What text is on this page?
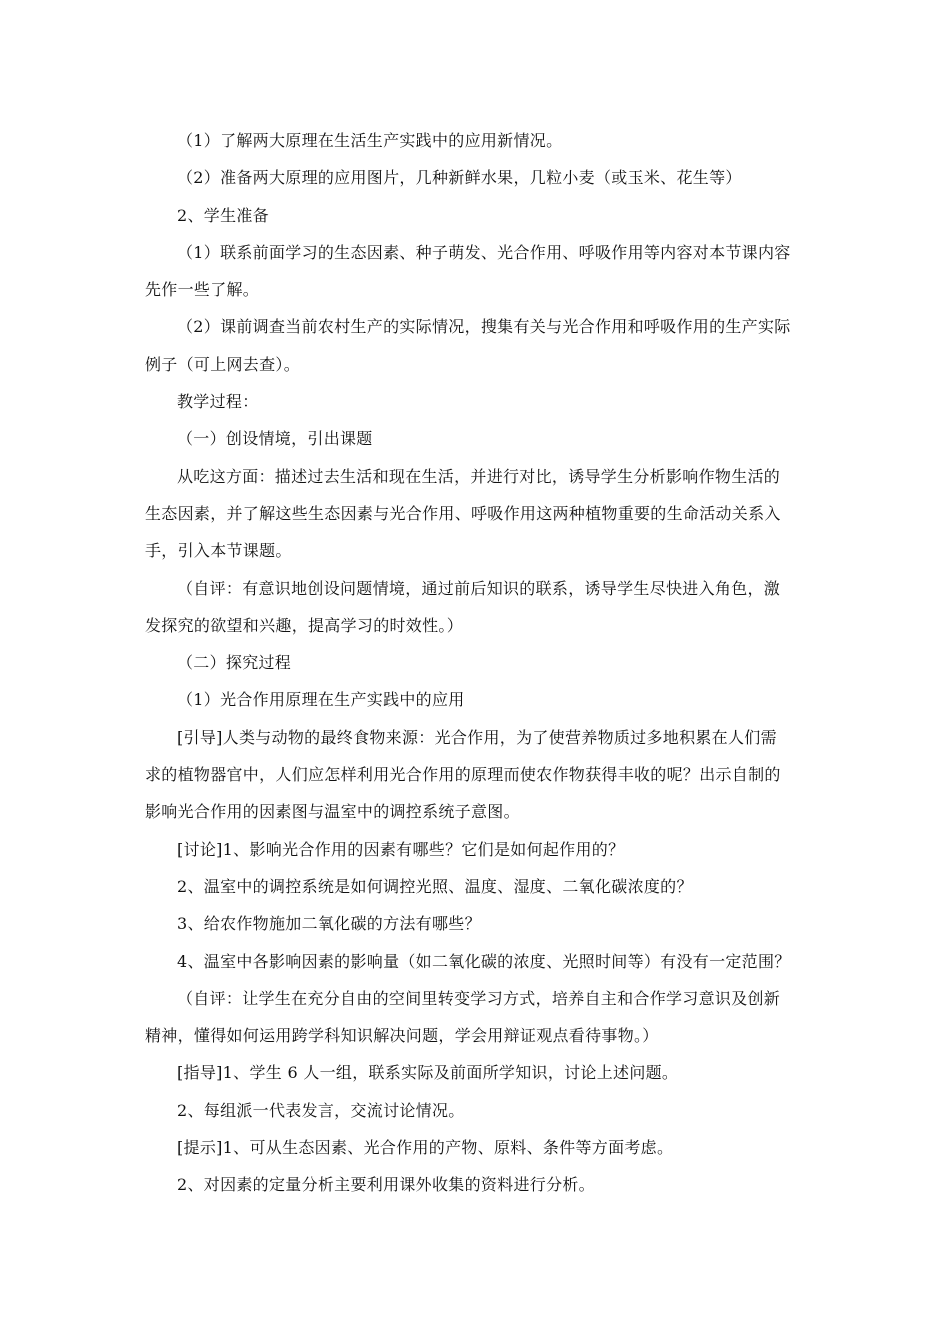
（1）了解两大原理在生活生产实践中的应用新情况。
（2）准备两大原理的应用图片，几种新鲜水果，几粒小麦（或玉米、花生等）
2、学生准备
（1）联系前面学习的生态因素、种子萌发、光合作用、呼吸作用等内容对本节课内容
先作一些了解。
（2）课前调查当前农村生产的实际情况，搜集有关与光合作用和呼吸作用的生产实际
例子（可上网去查）。
教学过程：
（一）创设情境，引出课题
从吃这方面：描述过去生活和现在生活，并进行对比，诱导学生分析影响作物生活的
生态因素，并了解这些生态因素与光合作用、呼吸作用这两种植物重要的生命活动关系入
手，引入本节课题。
（自评：有意识地创设问题情境，通过前后知识的联系，诱导学生尽快进入角色，激
发探究的欲望和兴趣，提高学习的时效性。）
（二）探究过程
（1）光合作用原理在生产实践中的应用
[引导]人类与动物的最终食物来源：光合作用，为了使营养物质过多地积累在人们需
求的植物器官中，人们应怎样利用光合作用的原理而使农作物获得丰收的呢？出示自制的
影响光合作用的因素图与温室中的调控系统子意图。
[讨论]1、影响光合作用的因素有哪些？它们是如何起作用的？
2、温室中的调控系统是如何调控光照、温度、湿度、二氧化碳浓度的？
3、给农作物施加二氧化碳的方法有哪些？
4、温室中各影响因素的影响量（如二氧化碳的浓度、光照时间等）有没有一定范围？
（自评：让学生在充分自由的空间里转变学习方式，培养自主和合作学习意识及创新
精神，懂得如何运用跨学科知识解决问题，学会用辩证观点看待事物。）
[指导]1、学生 6 人一组，联系实际及前面所学知识，讨论上述问题。
2、每组派一代表发言，交流讨论情况。
[提示]1、可从生态因素、光合作用的产物、原料、条件等方面考虑。
2、对因素的定量分析主要利用课外收集的资料进行分析。
